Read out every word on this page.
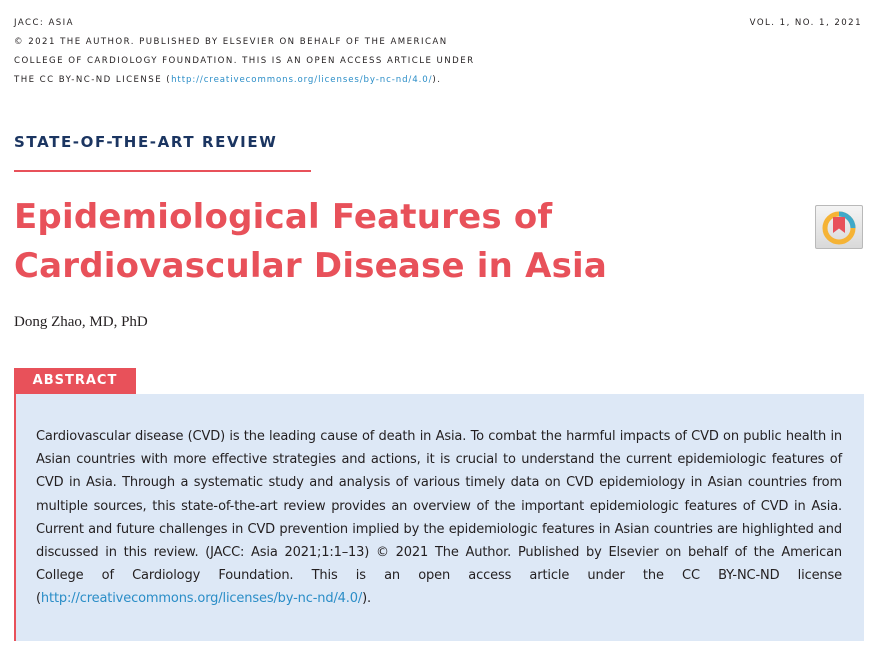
JACC: ASIA
© 2021 THE AUTHOR. PUBLISHED BY ELSEVIER ON BEHALF OF THE AMERICAN
COLLEGE OF CARDIOLOGY FOUNDATION. THIS IS AN OPEN ACCESS ARTICLE UNDER
THE CC BY-NC-ND LICENSE (http://creativecommons.org/licenses/by-nc-nd/4.0/).
VOL. 1, NO. 1, 2021
STATE-OF-THE-ART REVIEW
Epidemiological Features of
Cardiovascular Disease in Asia
Dong Zhao, MD, PhD
ABSTRACT

Cardiovascular disease (CVD) is the leading cause of death in Asia. To combat the harmful impacts of CVD on public health in Asian countries with more effective strategies and actions, it is crucial to understand the current epidemiologic features of CVD in Asia. Through a systematic study and analysis of various timely data on CVD epidemiology in Asian countries from multiple sources, this state-of-the-art review provides an overview of the important epidemiologic features of CVD in Asia. Current and future challenges in CVD prevention implied by the epidemiologic features in Asian countries are highlighted and discussed in this review. (JACC: Asia 2021;1:1–13) © 2021 The Author. Published by Elsevier on behalf of the American College of Cardiology Foundation. This is an open access article under the CC BY-NC-ND license (http://creativecommons.org/licenses/by-nc-nd/4.0/).
